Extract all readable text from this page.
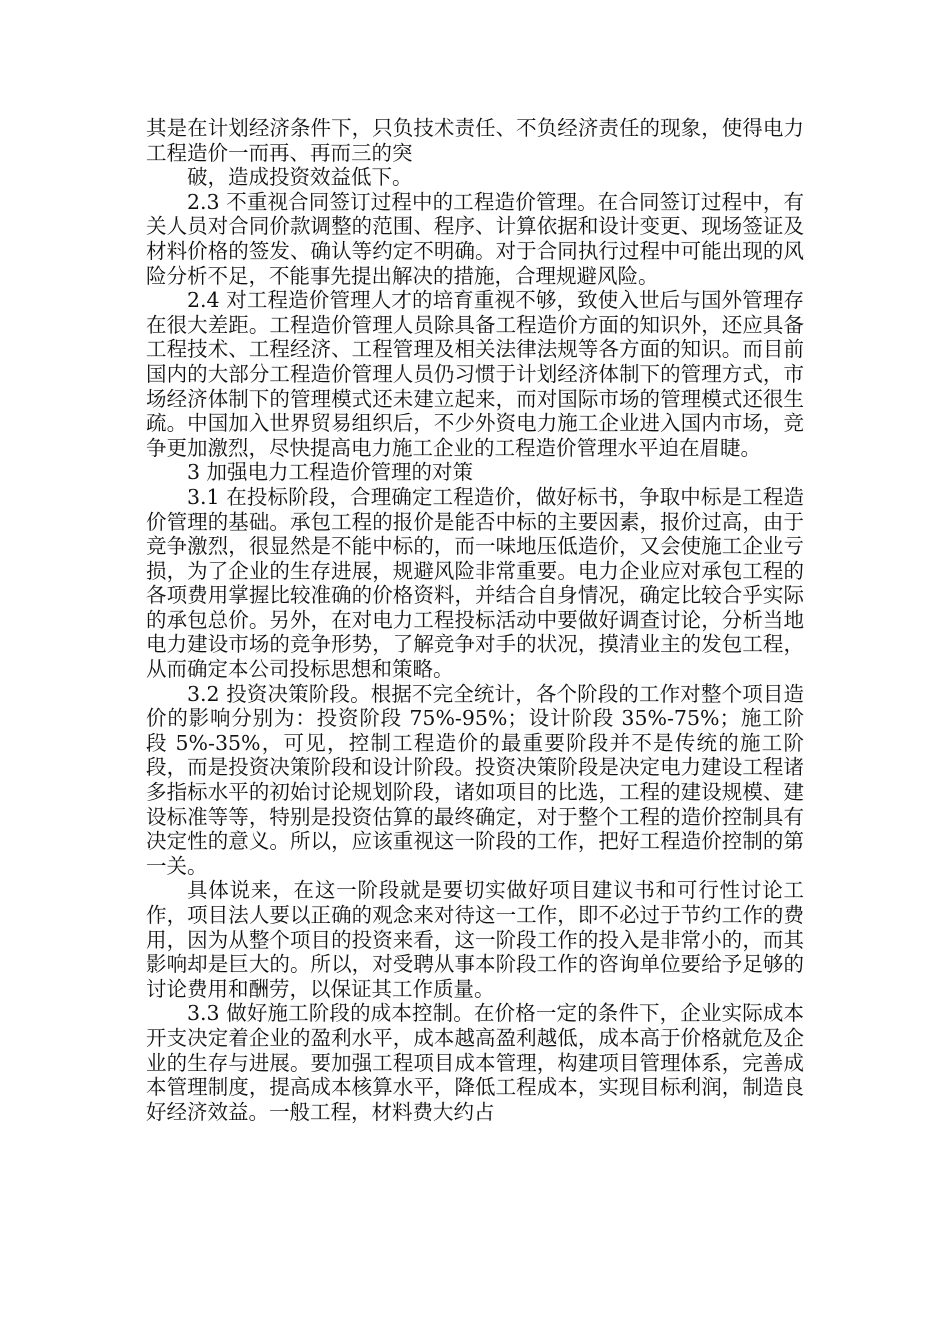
其是在计划经济条件下，只负技术责任、不负经济责任的现象，使得电力工程造价一而再、再而三的突

破，造成投资效益低下。

2.3 不重视合同签订过程中的工程造价管理。在合同签订过程中，有关人员对合同价款调整的范围、程序、计算依据和设计变更、现场签证及材料价格的签发、确认等约定不明确。对于合同执行过程中可能出现的风险分析不足，不能事先提出解决的措施，合理规避风险。

2.4 对工程造价管理人才的培育重视不够，致使入世后与国外管理存在很大差距。工程造价管理人员除具备工程造价方面的知识外，还应具备工程技术、工程经济、工程管理及相关法律法规等各方面的知识。而目前国内的大部分工程造价管理人员仍习惯于计划经济体制下的管理方式，市场经济体制下的管理模式还未建立起来，而对国际市场的管理模式还很生疏。中国加入世界贸易组织后，不少外资电力施工企业进入国内市场，竞争更加激烈，尽快提高电力施工企业的工程造价管理水平迫在眉睫。

3 加强电力工程造价管理的对策

3.1 在投标阶段，合理确定工程造价，做好标书，争取中标是工程造价管理的基础。承包工程的报价是能否中标的主要因素，报价过高，由于竞争激烈，很显然是不能中标的，而一味地压低造价，又会使施工企业亏损，为了企业的生存进展，规避风险非常重要。电力企业应对承包工程的各项费用掌握比较准确的价格资料，并结合自身情况，确定比较合乎实际的承包总价。另外，在对电力工程投标活动中要做好调查讨论，分析当地电力建设市场的竞争形势，了解竞争对手的状况，摸清业主的发包工程，从而确定本公司投标思想和策略。

3.2 投资决策阶段。根据不完全统计，各个阶段的工作对整个项目造价的影响分别为：投资阶段 75%-95%；设计阶段 35%-75%；施工阶段 5%-35%，可见，控制工程造价的最重要阶段并不是传统的施工阶段，而是投资决策阶段和设计阶段。投资决策阶段是决定电力建设工程诸多指标水平的初始讨论规划阶段，诸如项目的比选，工程的建设规模、建设标准等等，特别是投资估算的最终确定，对于整个工程的造价控制具有决定性的意义。所以，应该重视这一阶段的工作，把好工程造价控制的第一关。

具体说来，在这一阶段就是要切实做好项目建议书和可行性讨论工作，项目法人要以正确的观念来对待这一工作，即不必过于节约工作的费用，因为从整个项目的投资来看，这一阶段工作的投入是非常小的，而其影响却是巨大的。所以，对受聘从事本阶段工作的咨询单位要给予足够的讨论费用和酬劳，以保证其工作质量。

3.3 做好施工阶段的成本控制。在价格一定的条件下，企业实际成本开支决定着企业的盈利水平，成本越高盈利越低，成本高于价格就危及企业的生存与进展。要加强工程项目成本管理，构建项目管理体系，完善成本管理制度，提高成本核算水平，降低工程成本，实现目标利润，制造良好经济效益。一般工程，材料费大约占
